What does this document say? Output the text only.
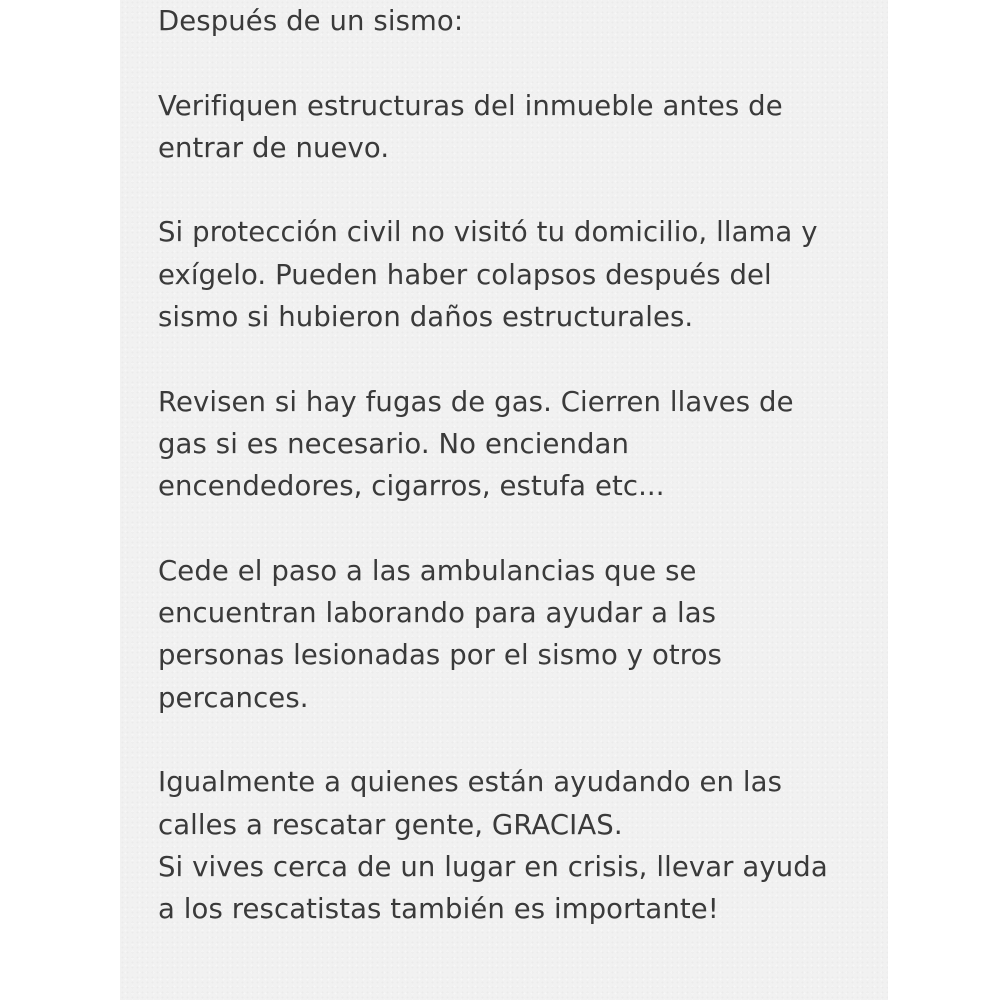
Después de un sismo:
Verifiquen estructuras del inmueble antes de
entrar de nuevo.
Si protección civil no visitó tu domicilio, llama y
exígelo. Pueden haber colapsos después del
sismo si hubieron daños estructurales.
Revisen si hay fugas de gas. Cierren llaves de
gas si es necesario. No enciendan
encendedores, cigarros, estufa etc...
Cede el paso a las ambulancias que se
encuentran laborando para ayudar a las
personas lesionadas por el sismo y otros
percances.
Igualmente a quienes están ayudando en las
calles a rescatar gente, GRACIAS.
Si vives cerca de un lugar en crisis, llevar ayuda
a los rescatistas también es importante!
